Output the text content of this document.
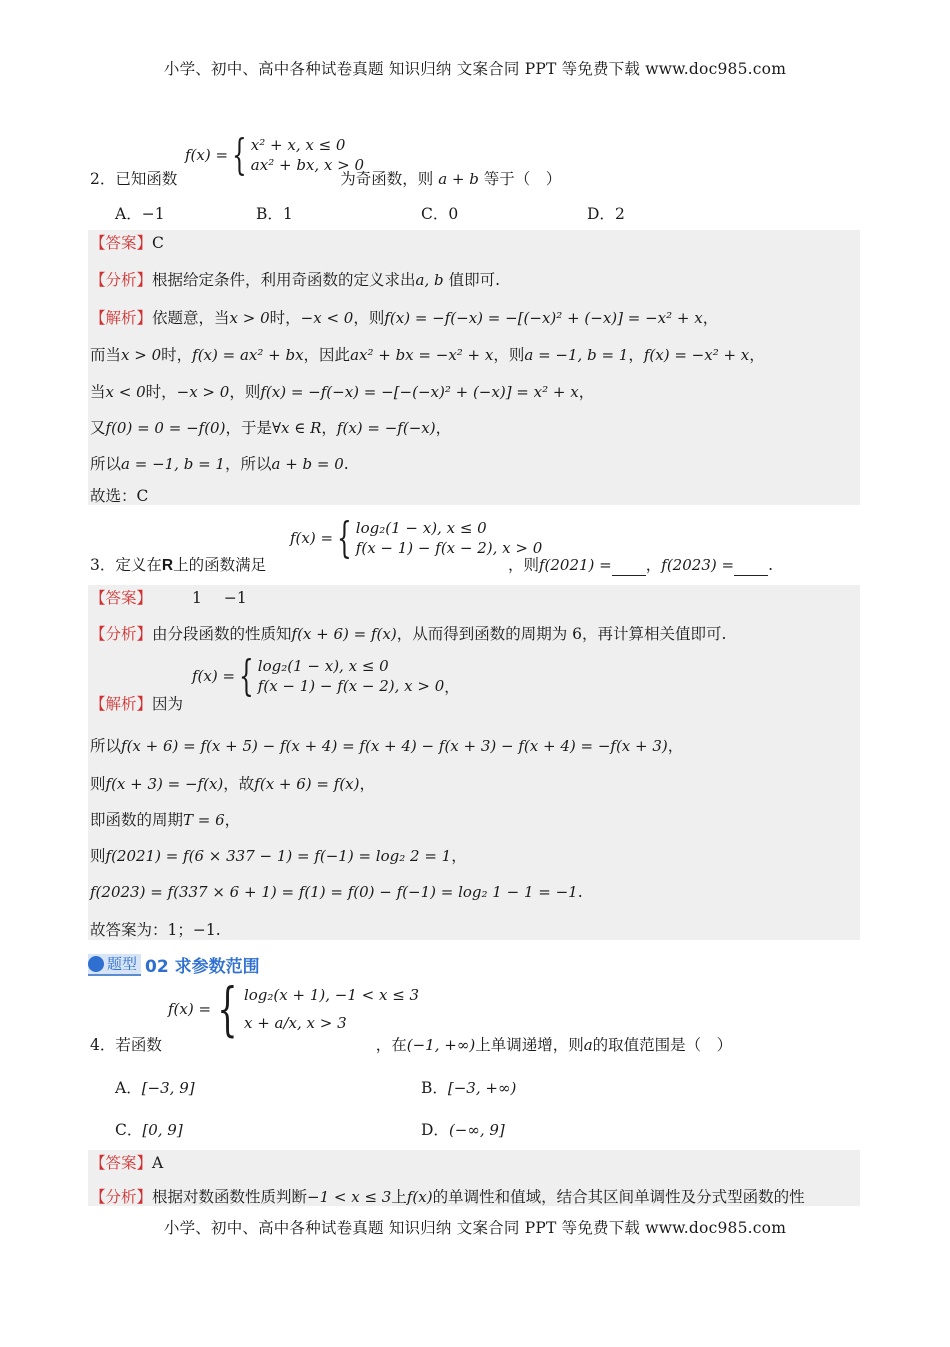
小学、初中、高中各种试卷真题 知识归纳 文案合同 PPT 等免费下载 www.doc985.com
f(x) = { x² + x, x ≤ 0
ax² + bx, x > 0
2．已知函数	为奇函数，则 a + b 等于（　）
A．−1	B．1	C．0	D．2
【答案】C
【分析】根据给定条件，利用奇函数的定义求出a, b 值即可.
【解析】依题意，当x > 0时，−x < 0，则f(x) = −f(−x) = −[(−x)² + (−x)] = −x² + x，
而当x > 0时，f(x) = ax² + bx，因此ax² + bx = −x² + x，则a = −1, b = 1，f(x) = −x² + x，
当x < 0时，−x > 0，则f(x) = −f(−x) = −[−(−x)² + (−x)] = x² + x，
又f(0) = 0 = −f(0)，于是∀x ∈ R，f(x) = −f(−x)，
所以a = −1, b = 1，所以a + b = 0.
故选：C
f(x) = { log₂(1 − x), x ≤ 0
f(x − 1) − f(x − 2), x > 0
3．定义在R上的函数满足	，则f(2021) = ，f(2023) = .
【答案】	1 −1
【分析】由分段函数的性质知f(x + 6) = f(x)，从而得到函数的周期为 6，再计算相关值即可.
f(x) = { log₂(1 − x), x ≤ 0
f(x − 1) − f(x − 2), x > 0 ，
【解析】因为
所以f(x + 6) = f(x + 5) − f(x + 4) = f(x + 4) − f(x + 3) − f(x + 4) = −f(x + 3)，
则f(x + 3) = −f(x)，故f(x + 6) = f(x)，
即函数的周期T = 6，
则f(2021) = f(6 × 337 − 1) = f(−1) = log₂ 2 = 1，
f(2023) = f(337 × 6 + 1) = f(1) = f(0) − f(−1) = log₂ 1 − 1 = −1.
故答案为：1；−1.
题型 02 求参数范围
f(x) = { log₂(x + 1), −1 < x ≤ 3
x + a/x, x > 3
4．若函数	，在(−1, +∞)上单调递增，则a的取值范围是（　）
A．[−3, 9]	B．[−3, +∞)
C．[0, 9]	D．(−∞, 9]
【答案】A
【分析】根据对数函数性质判断−1 < x ≤ 3上f(x)的单调性和值域，结合其区间单调性及分式型函数的性
小学、初中、高中各种试卷真题 知识归纳 文案合同 PPT 等免费下载 www.doc985.com
